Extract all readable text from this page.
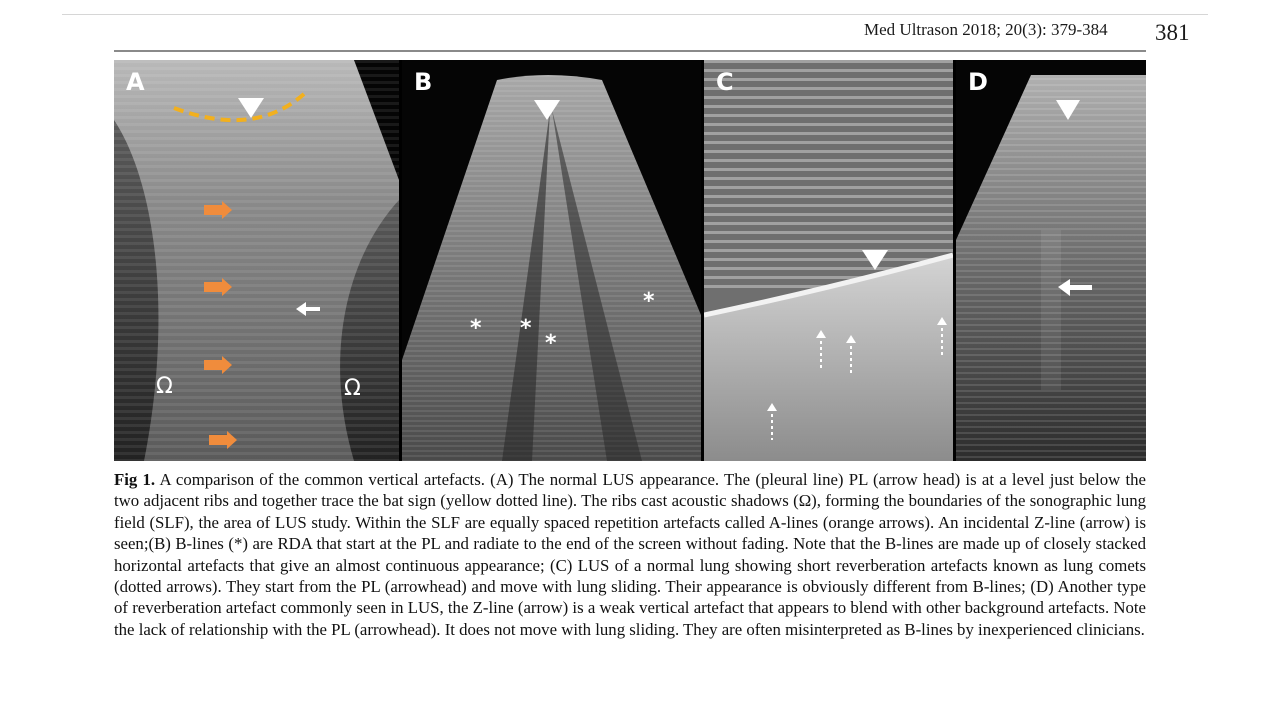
Med Ultrason 2018; 20(3): 379-384 381
Ω	Ω
A
* *
*
*
B	C	D

Fig 1. A comparison of the common vertical artefacts. (A) The normal LUS appearance. The (pleural line) PL (arrow head) is at a level just below the two adjacent ribs and together trace the bat sign (yellow dotted line). The ribs cast acoustic shadows (Ω), forming the boundaries of the sonographic lung field (SLF), the area of LUS study. Within the SLF are equally spaced repetition artefacts called A-lines (orange arrows). An incidental Z-line (arrow) is seen;(B) B-lines (*) are RDA that start at the PL and radiate to the end of the screen without fading. Note that the B-lines are made up of closely stacked horizontal artefacts that give an almost continuous appearance; (C) LUS of a normal lung showing short reverberation artefacts known as lung comets (dotted arrows). They start from the PL (arrowhead) and move with lung sliding. Their appearance is obviously different from B-lines; (D) Another type of reverberation artefact commonly seen in LUS, the Z-line (arrow) is a weak vertical artefact that appears to blend with other background artefacts. Note the lack of relationship with the PL (arrowhead). It does not move with lung sliding. They are often misinterpreted as B-lines by inexperienced clinicians.
